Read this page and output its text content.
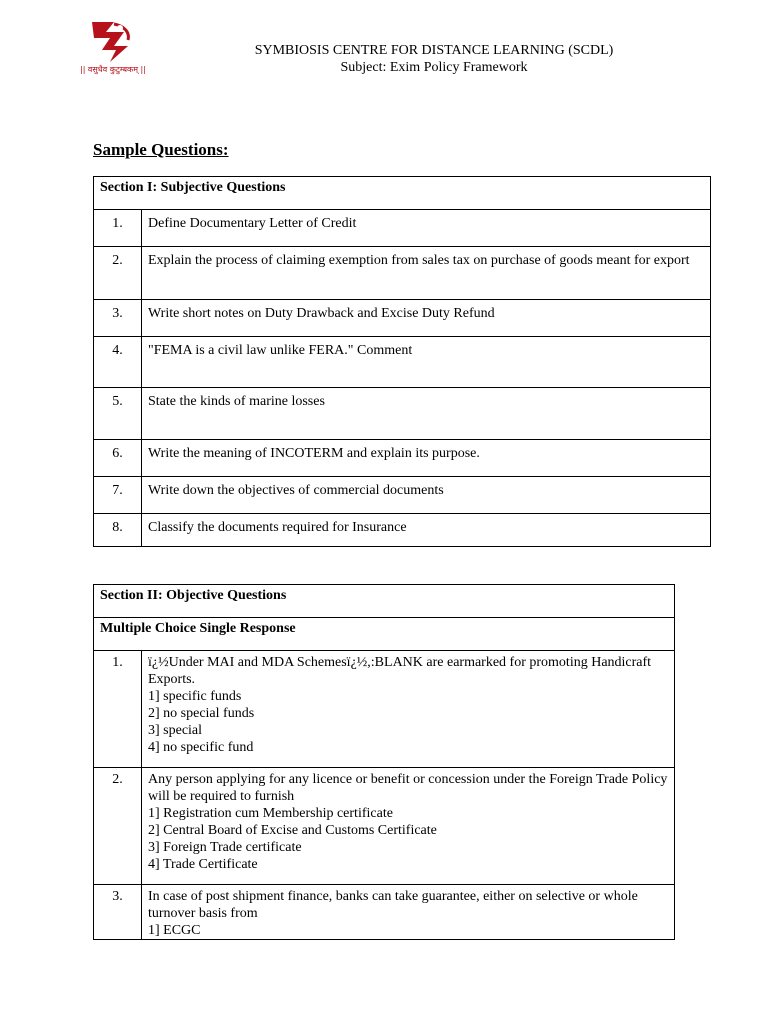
|| वसुधैव कुटुम्बकम् ||
SYMBIOSIS CENTRE FOR DISTANCE LEARNING (SCDL)
Subject: Exim Policy Framework
Sample Questions:
Section I: Subjective Questions	
1.	Define Documentary Letter of Credit
2.	Explain the process of claiming exemption from sales tax on purchase of goods meant for export
3.	Write short notes on Duty Drawback and Excise Duty Refund
4.	"FEMA is a civil law unlike FERA." Comment
5.	State the kinds of marine losses
6.	Write the meaning of INCOTERM and explain its purpose.
7.	Write down the objectives of commercial documents
8.	Classify the documents required for Insurance
Section II: Objective Questions	
Multiple Choice Single Response	
1.	ï¿½Under MAI and MDA Schemesï¿½,:BLANK are earmarked for promoting Handicraft Exports.
1] specific funds
2] no special funds
3] special
4] no specific fund

2.	Any person applying for any licence or benefit or concession under the Foreign Trade Policy will be required to furnish
1] Registration cum Membership certificate
2] Central Board of Excise and Customs Certificate
3] Foreign Trade certificate
4] Trade Certificate

3.	In case of post shipment finance, banks can take guarantee, either on selective or whole turnover basis from
1] ECGC
